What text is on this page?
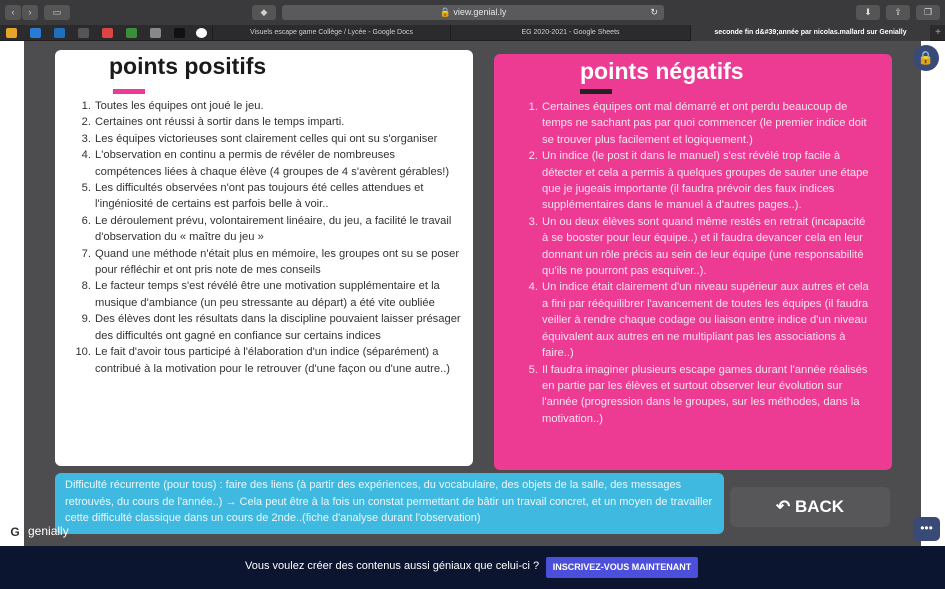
‹	›	▭	◆	🔒 view.genial.ly	↻	⬇	⇪	❐
Visuels escape game Collège / Lycée - Google Docs	EG 2020-2021 - Google Sheets	seconde fin d&#39;année par nicolas.mallard sur Genially	+
points positifs
1. Toutes les équipes ont joué le jeu.
2. Certaines ont réussi à sortir dans le temps imparti.
3. Les équipes victorieuses sont clairement celles qui ont su s'organiser
4. L'observation en continu a permis de révéler de nombreuses compétences liées à chaque élève (4 groupes de 4 s'avèrent gérables!)
5. Les difficultés observées n'ont pas toujours été celles attendues et l'ingéniosité de certains est parfois belle à voir..
6. Le déroulement prévu, volontairement linéaire, du jeu, a facilité le travail d'observation du « maître du jeu »
7. Quand une méthode n'était plus en mémoire, les groupes ont su se poser pour réfléchir et ont pris note de mes conseils
8. Le facteur temps s'est révélé être une motivation supplémentaire et la musique d'ambiance (un peu stressante au départ) a été vite oubliée
9. Des élèves dont les résultats dans la discipline pouvaient laisser présager des difficultés ont gagné en confiance sur certains indices
10. Le fait d'avoir tous participé à l'élaboration d'un indice (séparément) a contribué à la motivation pour le retrouver (d'une façon ou d'une autre..)
points négatifs
1. Certaines équipes ont mal démarré et ont perdu beaucoup de temps ne sachant pas par quoi commencer (le premier indice doit se trouver plus facilement et logiquement.)
2. Un indice (le post it dans le manuel) s'est révélé trop facile à détecter et cela a permis à quelques groupes de sauter une étape que je jugeais importante (il faudra prévoir des faux indices supplémentaires dans le manuel à d'autres pages..).
3. Un ou deux élèves sont quand même restés en retrait (incapacité à se booster pour leur équipe..) et il faudra devancer cela en leur donnant un rôle précis au sein de leur équipe (une responsabilité qu'ils ne pourront pas esquiver..).
4. Un indice était clairement d'un niveau supérieur aux autres et cela a fini par rééquilibrer l'avancement de toutes les équipes (il faudra veiller à rendre chaque codage ou liaison entre indice d'un niveau équivalent aux autres en ne multipliant pas les associations à faire..)
5. Il faudra imaginer plusieurs escape games durant l'année réalisés en partie par les élèves et surtout observer leur évolution sur l'année (progression dans le groupes, sur les méthodes, dans la motivation..)
Difficulté récurrente (pour tous) : faire des liens (à partir des expériences, du vocabulaire, des objets de la salle, des messages retrouvés, du cours de l'année..) → Cela peut être à la fois un constat permettant de bâtir un travail concret, et un moyen de travailler cette difficulté classique dans un cours de 2nde..(fiche d'analyse durant l'observation)
↶ BACK
G genially
🔒
•••
Vous voulez créer des contenus aussi géniaux que celui-ci ?	INSCRIVEZ-VOUS MAINTENANT
